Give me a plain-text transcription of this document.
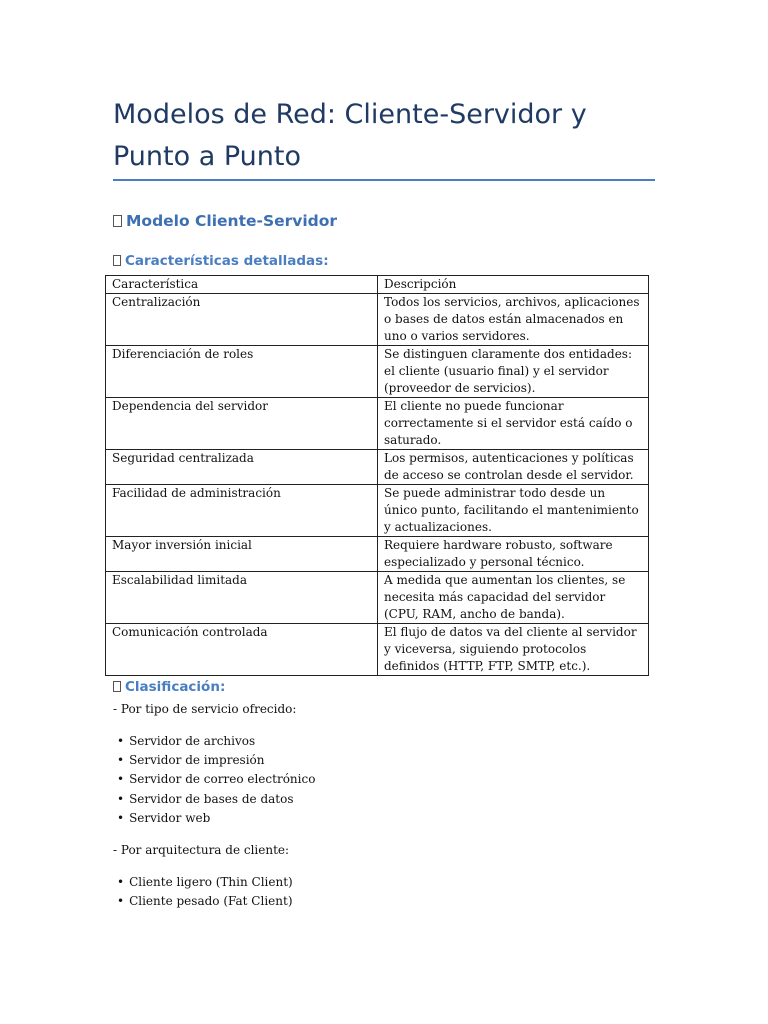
Modelos de Red: Cliente-Servidor y
Punto a Punto
Modelo Cliente-Servidor
Características detalladas:
Característica	Descripción
Centralización	Todos los servicios, archivos, aplicaciones o bases de datos están almacenados en uno o varios servidores.
Diferenciación de roles	Se distinguen claramente dos entidades: el cliente (usuario final) y el servidor (proveedor de servicios).
Dependencia del servidor	El cliente no puede funcionar correctamente si el servidor está caído o saturado.
Seguridad centralizada	Los permisos, autenticaciones y políticas de acceso se controlan desde el servidor.
Facilidad de administración	Se puede administrar todo desde un único punto, facilitando el mantenimiento y actualizaciones.
Mayor inversión inicial	Requiere hardware robusto, software especializado y personal técnico.
Escalabilidad limitada	A medida que aumentan los clientes, se necesita más capacidad del servidor (CPU, RAM, ancho de banda).
Comunicación controlada	El flujo de datos va del cliente al servidor y viceversa, siguiendo protocolos definidos (HTTP, FTP, SMTP, etc.).
Clasificación:
- Por tipo de servicio ofrecido:
• Servidor de archivos
• Servidor de impresión
• Servidor de correo electrónico
• Servidor de bases de datos
• Servidor web
- Por arquitectura de cliente:
• Cliente ligero (Thin Client)
• Cliente pesado (Fat Client)
